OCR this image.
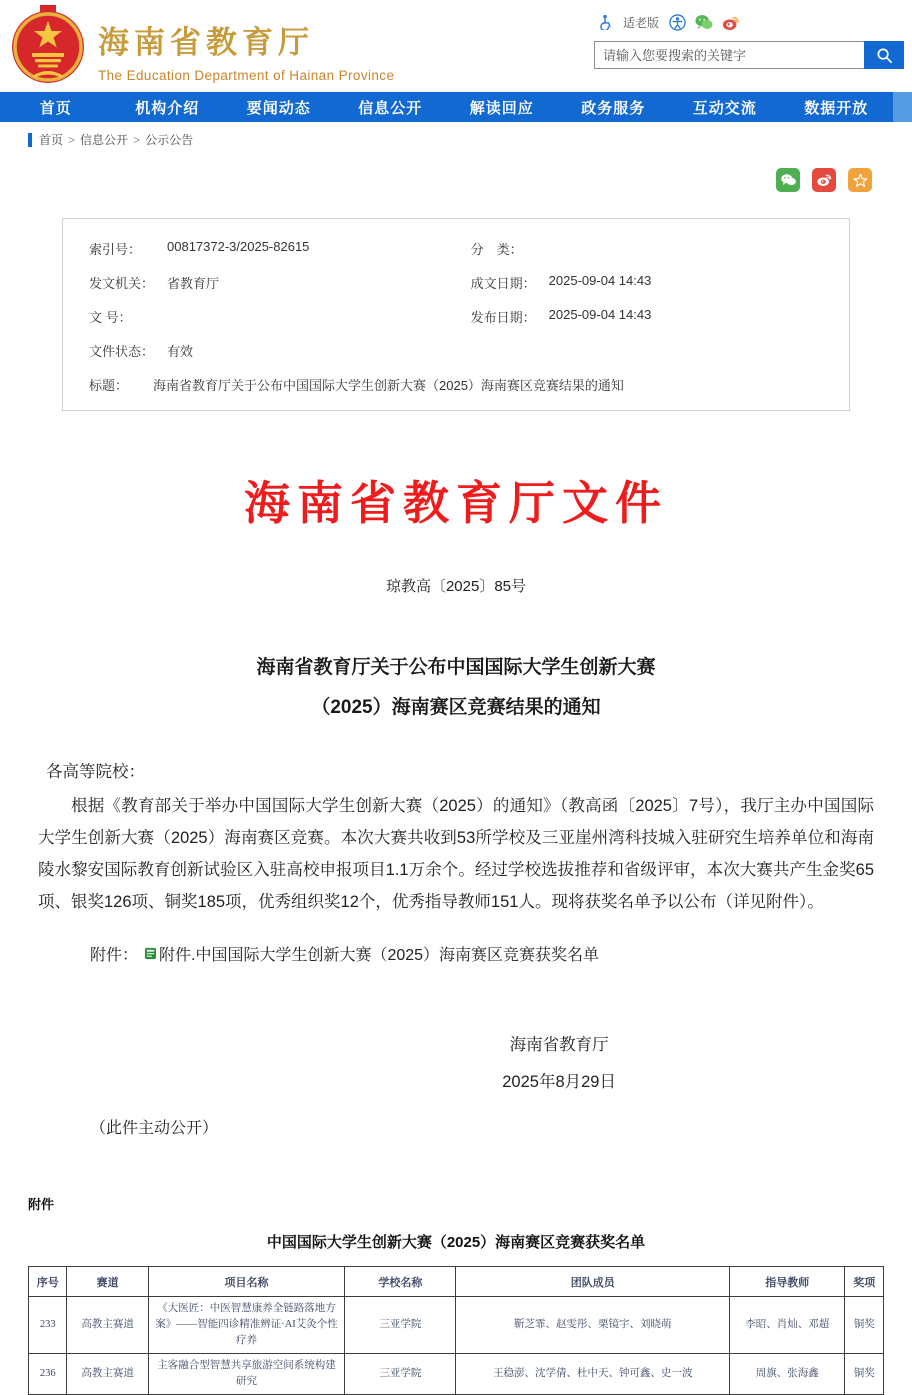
海南省教育厅
The Education Department of Hainan Province
适老版
请输入您要搜索的关键字
首页	机构介绍	要闻动态	信息公开	解读回应	政务服务	互动交流	数据开放
首页 > 信息公开 > 公示公告
索引号：	00817372-3/2025-82615	分　类：
发文机关： 省教育厅	成文日期： 2025-09-04 14:43
文 号：	发布日期： 2025-09-04 14:43
文件状态： 有效
标题：	海南省教育厅关于公布中国国际大学生创新大赛（2025）海南赛区竞赛结果的通知
海南省教育厅文件
琼教高〔2025〕85号
海南省教育厅关于公布中国国际大学生创新大赛
（2025）海南赛区竞赛结果的通知

各高等院校：

根据《教育部关于举办中国国际大学生创新大赛（2025）的通知》（教高函〔2025〕7号），我厅主办中国国际大学生创新大赛（2025）海南赛区竞赛。本次大赛共收到53所学校及三亚崖州湾科技城入驻研究生培养单位和海南陵水黎安国际教育创新试验区入驻高校申报项目1.1万余个。经过学校选拔推荐和省级评审，本次大赛共产生金奖65项、银奖126项、铜奖185项，优秀组织奖12个，优秀指导教师151人。现将获奖名单予以公布（详见附件）。

附件： 附件.中国国际大学生创新大赛（2025）海南赛区竞赛获奖名单

海南省教育厅
2025年8月29日

（此件主动公开）

附件
中国国际大学生创新大赛（2025）海南赛区竞赛获奖名单
序号	赛道	项目名称	学校名称	团队成员	指导教师	奖项
233	高教主赛道	《大医匠：中医智慧康养全链路落地方案》——智能四诊精准辨证·AI艾灸个性疗养	三亚学院	靳芝霏、赵雯彤、栗镜宇、刘晓萌	李昭、肖灿、邓超	铜奖
236	高教主赛道	主客融合型智慧共享旅游空间系统构建研究	三亚学院	王稳澎、沈学倩、杜中天、钟可鑫、史一波	周旗、张海鑫	铜奖
